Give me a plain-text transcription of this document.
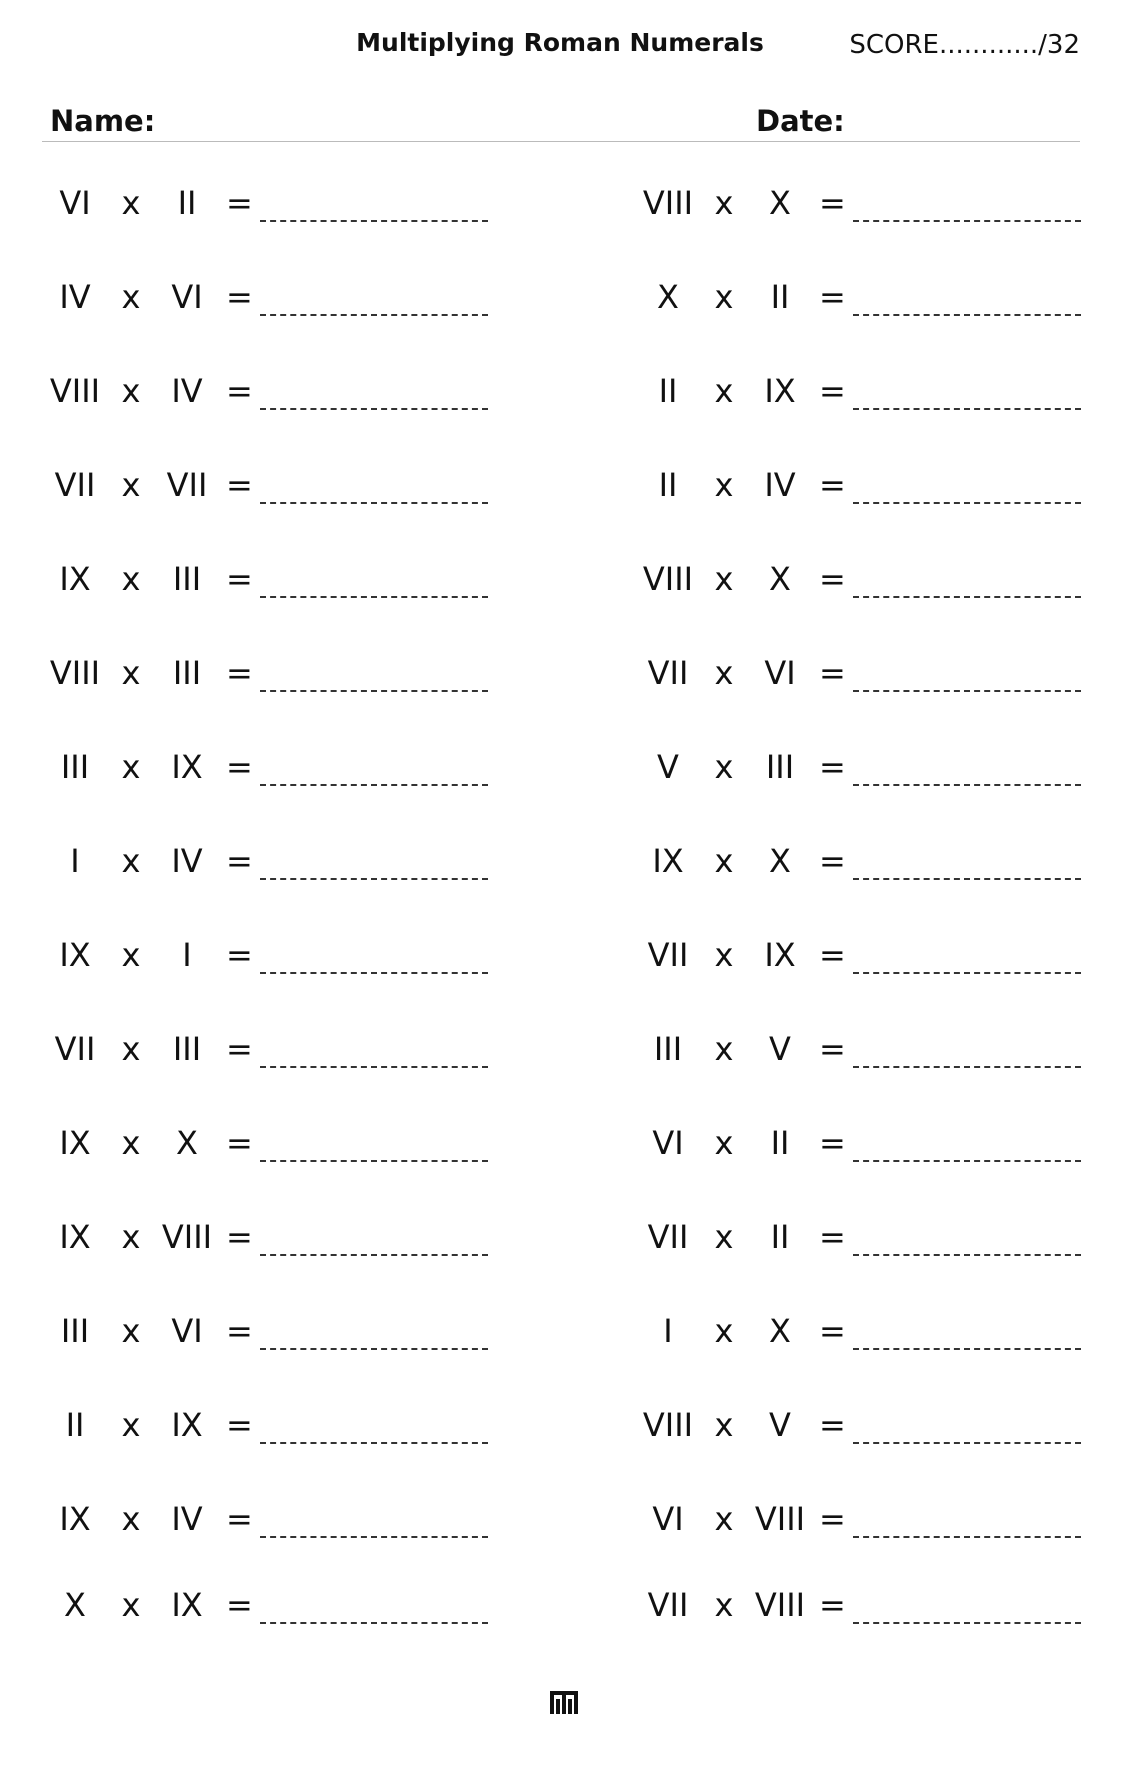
Multiplying Roman Numerals	SCORE............/32
Name:	Date:
VI x	II =
IV x VI =
VIII x IV =
VII x VII =
IX x	III =
VIII x	III =
III	x IX =
I	x IV =
IX x	I	=
VII x	III =
IX x	X =
IX x VIII =
III	x VI =
II	x IX =
IX x IV =
X	x IX =
VIII x	X =
X	x	II =
II	x IX =
II	x IV =
VIII x	X =
VII x VI =
V	x	III =
IX x	X =
VII x IX =
III	x	V =
VI x	II =
VII x	II =
I	x	X =
VIII x	V =
VI x VIII =
VII x VIII =
